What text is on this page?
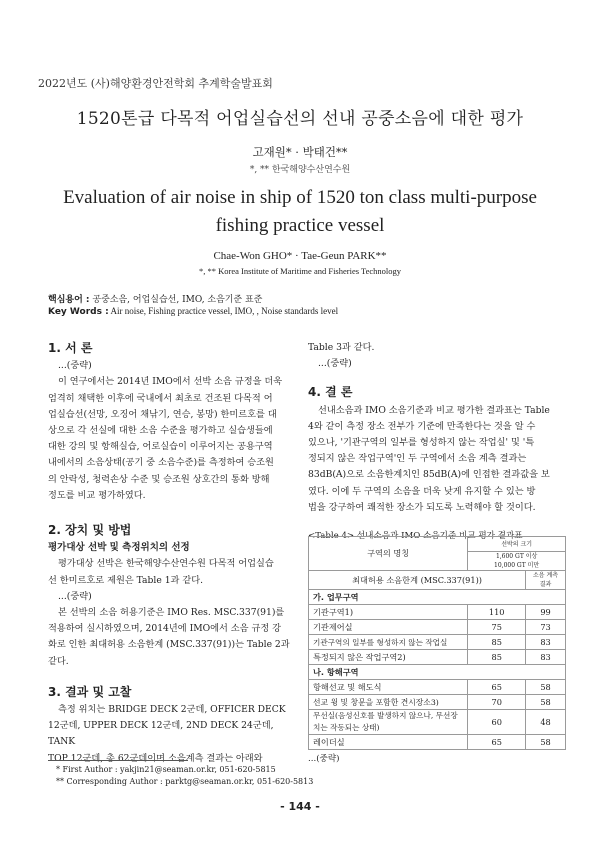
2022년도 (사)해양환경안전학회 추계학술발표회
1520톤급 다목적 어업실습선의 선내 공중소음에 대한 평가
고재원* · 박태건**
*, ** 한국해양수산연수원
Evaluation of air noise in ship of 1520 ton class multi-purpose fishing practice vessel
Chae-Won GHO* · Tae-Geun PARK**
*, ** Korea Institute of Maritime and Fisheries Technology
핵심용어 : 공중소음, 어업실습선, IMO, 소음기준 표준
Key Words : Air noise, Fishing practice vessel, IMO, , Noise standards level
1. 서 론
...(중략)
이 연구에서는 2014년 IMO에서 선박 소음 규정을 더욱
엄격히 채택한 이후에 국내에서 최초로 건조된 다목적 어
업실습선(선망, 오징어 채낚기, 연승, 봉망) 한미르호를 대
상으로 각 선실에 대한 소음 수준을 평가하고 실습생들에
대한 강의 및 항해실습, 어로실습이 이루어지는 공용구역
내에서의 소음상태(공기 중 소음수준)를 측정하여 승조원
의 안락성, 청력손상 수준 및 승조원 상호간의 통화 방해
정도를 비교 평가하였다.
2. 장치 및 방법
평가대상 선박 및 측정위치의 선정
평가대상 선박은 한국해양수산연수원 다목적 어업실습
선 한미르호로 제원은 Table 1과 같다.
...(중략)
본 선박의 소음 허용기준은 IMO Res. MSC.337(91)를
적용하여 실시하였으며, 2014년에 IMO에서 소음 규정 강
화로 인한 최대허용 소음한계 (MSC.337(91))는 Table 2과
같다.
3. 결과 및 고찰
측정 위치는 BRIDGE DECK 2군데, OFFICER DECK
12군데, UPPER DECK 12군데, 2ND DECK 24군데, TANK
TOP 12군데, 총 62군데이며 소음계측 결과는 아래와
* First Author : yakjin21@seaman.or.kr, 051-620-5815
** Corresponding Author : parktg@seaman.or.kr, 051-620-5813
Table 3과 같다.
...(중략)
4. 결 론
선내소음과 IMO 소음기준과 비교 평가한 결과표는 Table
4와 같이 측정 장소 전부가 기준에 만족한다는 것을 알 수
있으나, '기관구역의 일부를 형성하지 않는 작업실' 및 '특
정되지 않은 작업구역'인 두 구역에서 소음 계측 결과는
83dB(A)으로 소음한계치인 85dB(A)에 인접한 결과값을 보
였다. 이에 두 구역의 소음을 더욱 낮게 유지할 수 있는 방
법을 강구하여 쾌적한 장소가 되도록 노력해야 할 것이다.
<Table 4> 선내소음과 IMO 소음기준 비교 평가 결과표
구역의 명칭	선박의 크기	

	1,600 GT 이상
10,000 GT 미만	

최대허용 소음한계 (MSC.337(91))		소음 계측 결과
가. 업무구역		
기관구역1)	110	99
기관제어실	75	73
기관구역의 일부를 형성하지 않는 작업실	85	83
특정되지 않은 작업구역2)	85	83
나. 항해구역		
항해선교 및 해도식	65	58
선교 윙 및 창문을 포함한 견시장소3)	70	58
무선실(음성신호를 발생하지 않으나, 무선장치는 작동되는 상태)	60	48
레이더실	65	58
...(중략)
- 144 -
